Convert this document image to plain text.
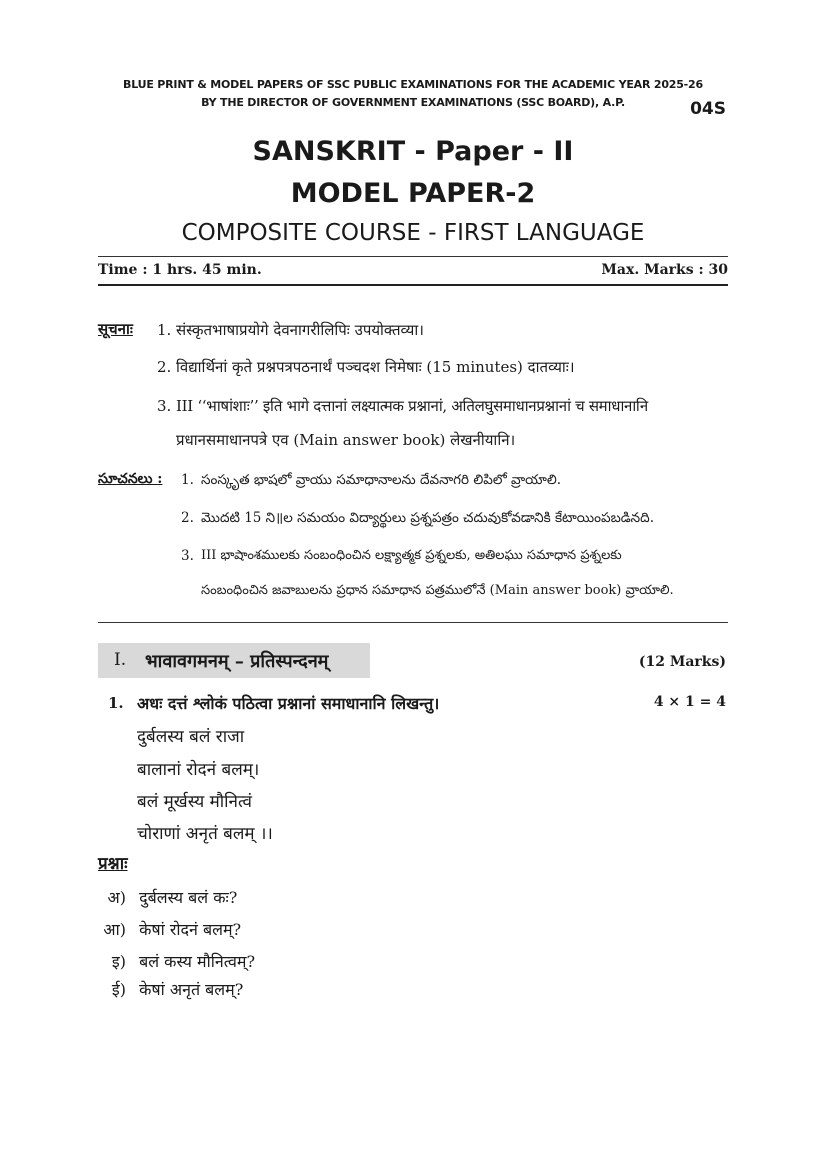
BLUE PRINT & MODEL PAPERS OF SSC PUBLIC EXAMINATIONS FOR THE ACADEMIC YEAR 2025-26
BY THE DIRECTOR OF GOVERNMENT EXAMINATIONS (SSC BOARD), A.P.	04S
SANSKRIT - Paper - II
MODEL PAPER-2
COMPOSITE COURSE - FIRST LANGUAGE
Time : 1 hrs. 45 min.	Max. Marks : 30
सूचनाः 1. संस्कृतभाषाप्रयोगे देवनागरीलिपिः उपयोक्तव्या।
2. विद्यार्थिनां कृते प्रश्नपत्रपठनार्थं पञ्चदश निमेषाः (15 minutes) दातव्याः।
3. III ‘‘भाषांशाः’’ इति भागे दत्तानां लक्ष्यात्मक प्रश्नानां, अतिलघुसमाधानप्रश्नानां च समाधानानि
प्रधानसमाधानपत्रे एव (Main answer book) लेखनीयानि।
సూచనలు : 1. సంస్కృత భాషలో వ్రాయు సమాధానాలను దేవనాగరి లిపిలో వ్రాయాలి.
2. మొదటి 15 ని॥ల సమయం విద్యార్థులు ప్రశ్నపత్రం చదువుకోవడానికి కేటాయింపబడినది.
3. III భాషాంశములకు సంబంధించిన లక్ష్యాత్మక ప్రశ్నలకు, అతిలఘు సమాధాన ప్రశ్నలకు
సంబంధించిన జవాబులను ప్రధాన సమాధాన పత్రములోనే (Main answer book) వ్రాయాలి.
I. भावावगमनम् – प्रतिस्पन्दनम्	(12 Marks)
1. अधः दत्तं श्लोकं पठित्वा प्रश्नानां समाधानानि लिखन्तु।	4 × 1 = 4
दुर्बलस्य बलं राजा
बालानां रोदनं बलम्।
बलं मूर्खस्य मौनित्वं
चोराणां अनृतं बलम् ।।
प्रश्नाः
अ) दुर्बलस्य बलं कः?
आ) केषां रोदनं बलम्?
इ) बलं कस्य मौनित्वम्?
ई) केषां अनृतं बलम्?
